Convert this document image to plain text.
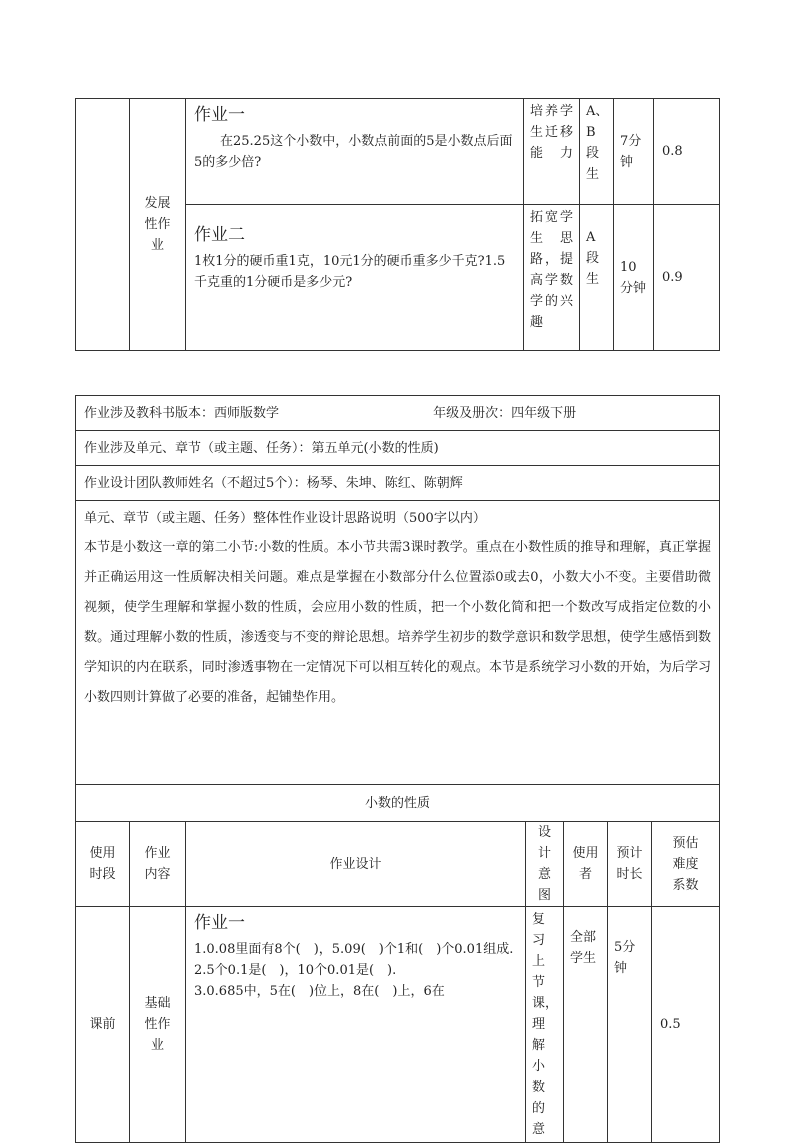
	发展性作业	作业一
在25.25这个小数中，小数点前面的5是小数点后面5的多少倍?	培养学生迁移能力	A、B段生	7分钟	0.8

		作业二
1枚1分的硬币重1克，10元1分的硬币重多少千克?1.5千克重的1分硬币是多少元?	拓宽学生思路，提高学数学的兴趣	A段生	10分钟	0.9
作业涉及教科书版本：西师版数学 年级及册次：四年级下册						
作业涉及单元、章节（或主题、任务）：第五单元(小数的性质)						
作业设计团队教师姓名（不超过5个）：杨琴、朱坤、陈红、陈朝辉						

单元、章节（或主题、任务）整体性作业设计思路说明（500字以内）
本节是小数这一章的第二小节:小数的性质。本小节共需3课时教学。重点在小数性质的推导和理解，真正掌握并正确运用这一性质解决相关问题。难点是掌握在小数部分什么位置添0或去0，小数大小不变。主要借助微视频，使学生理解和掌握小数的性质，会应用小数的性质，把一个小数化简和把一个数改写成指定位数的小数。通过理解小数的性质，渗透变与不变的辩论思想。培养学生初步的数学意识和数学思想，使学生感悟到数学知识的内在联系，同时渗透事物在一定情况下可以相互转化的观点。本节是系统学习小数的开始，为后学习小数四则计算做了必要的准备，起铺垫作用。						

小数的性质						
使用时段	作业内容	作业设计	设计意图	使用者	预计时长	预估难度系数
课前	基础性作业	作业一
1.0.08里面有8个(　)，5.09(　)个1和(　)个0.01组成.
2.5个0.1是(　)，10个0.01是(　).
3.0.685中，5在(　)位上，8在(　)上，6在	复习上节课，理解小数的意	全部学生	5分钟	0.5
